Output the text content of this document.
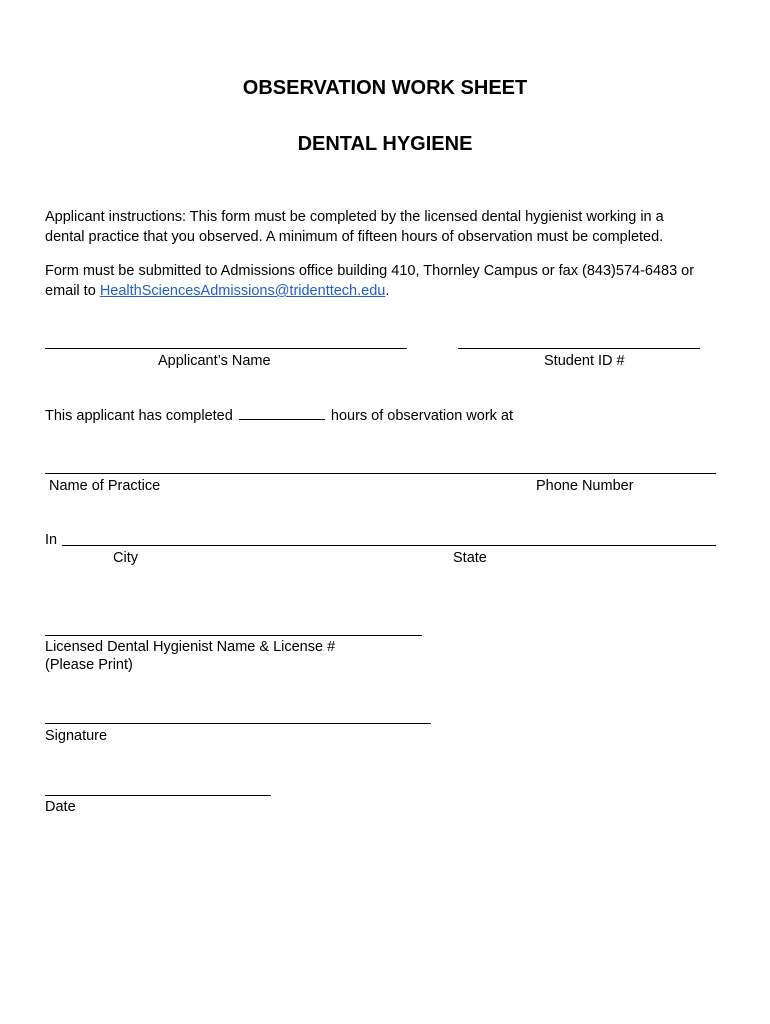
OBSERVATION WORK SHEET
DENTAL HYGIENE
Applicant instructions: This form must be completed by the licensed dental hygienist working in a
dental practice that you observed. A minimum of fifteen hours of observation must be completed.
Form must be submitted to Admissions office building 410, Thornley Campus or fax (843)574-6483 or
email to HealthSciencesAdmissions@tridenttech.edu.
Applicant’s Name	Student ID #
This applicant has completed	hours of observation work at
Name of Practice	Phone Number
In
City	State
Licensed Dental Hygienist Name & License #
(Please Print)
Signature
Date
